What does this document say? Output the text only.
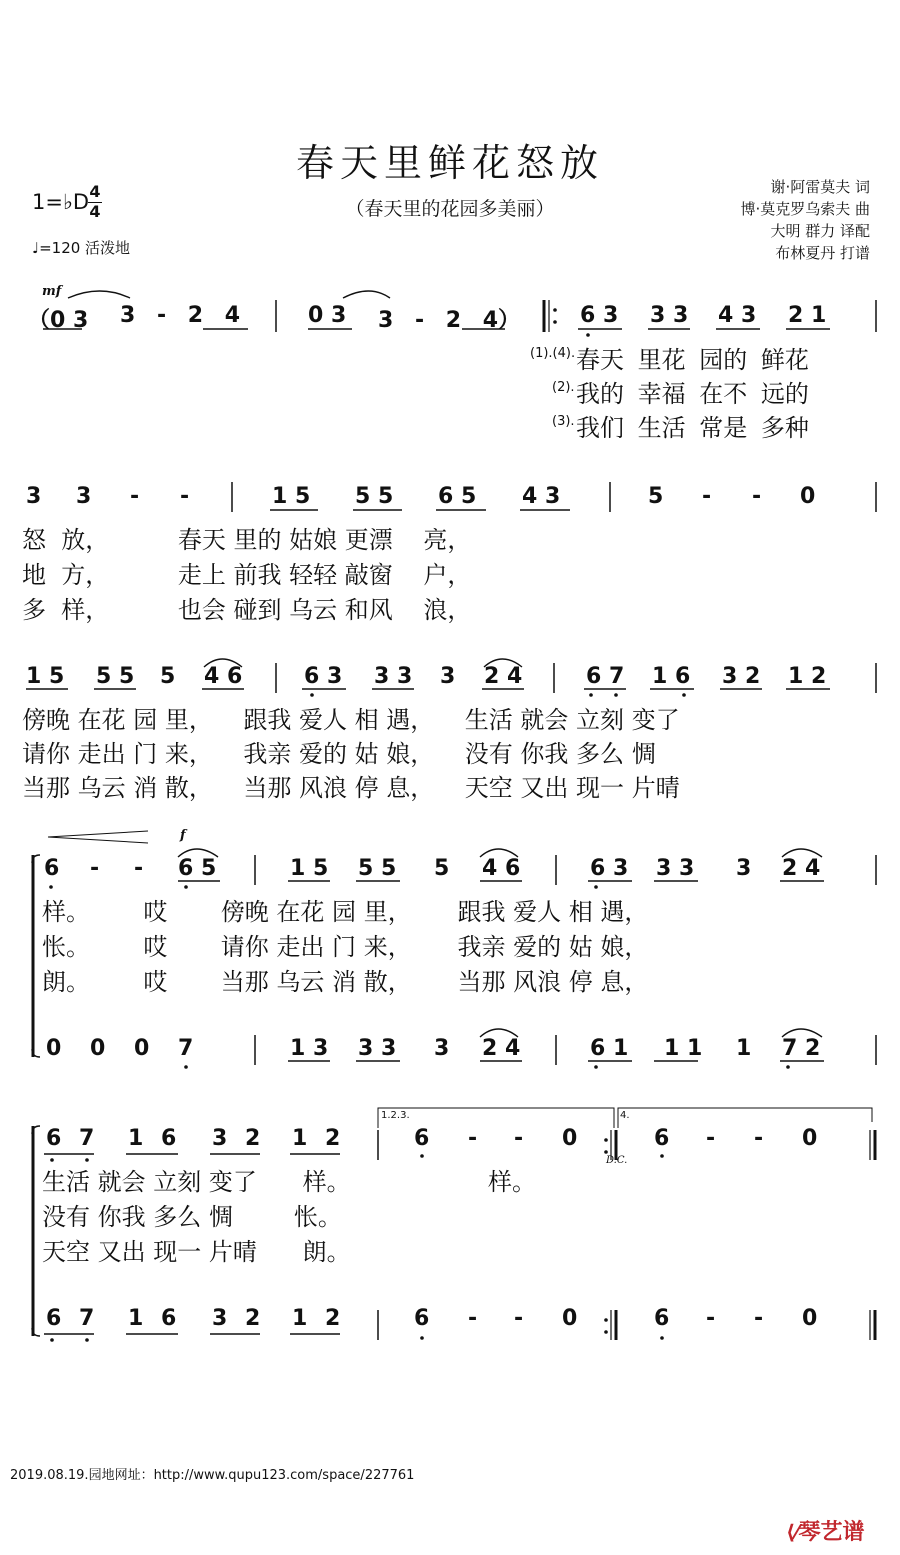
春天里鲜花怒放
（春天里的花园多美丽）
1=♭D 4
4
♩=120 活泼地
谢·阿雷莫夫 词
博·莫克罗乌索夫 曲
大明 群力 译配
布林夏丹 打谱
mf
（0 3 3 - 2 4	0 3 3 - 2 4）	6 3 3 3 4 3 2 1
(1).(4).
(2).
(3).
春天 里花 园的 鲜花
我的 幸福 在不 远的
我们 生活 常是 多种
3 3 - -	1 5 5 5 6 5 4 3	5 - - 0
怒  放，         春天 里的 姑娘 更漂    亮，
地  方，         走上 前我 轻轻 敲窗    户，
多  样，         也会 碰到 乌云 和风    浪，
1 5 5 5 5 4 6	6 3 3 3 3 2 4	6 7 1 6 3 2 1 2
傍晚 在花 园 里，    跟我 爱人 相 遇，    生活 就会 立刻 变了
请你 走出 门 来，    我亲 爱的 姑 娘，    没有 你我 多么 惆
当那 乌云 消 散，    当那 风浪 停 息，    天空 又出 现一 片晴
f
6 - - 6 5	1 5 5 5 5 4 6	6 3 3 3 3 2 4
样。       哎       傍晚 在花 园 里，      跟我 爱人 相 遇，
怅。       哎       请你 走出 门 来，      我亲 爱的 姑 娘，
朗。       哎       当那 乌云 消 散，      当那 风浪 停 息，
0 0 0 7	1 3 3 3 3 2 4	6 1 1 1 1 7 2
1.2.3.	4.
D.C.
6 7 1 6 3 2 1 2	6 - - 0	6 - - 0
生活 就会 立刻 变了      样。                  样。
没有 你我 多么 惆        怅。
天空 又出 现一 片晴      朗。
6 7 1 6 3 2 1 2	6 - - 0	6 - - 0
2019.08.19.园地网址：http://www.qupu123.com/space/227761
⟨⁄琴艺谱
